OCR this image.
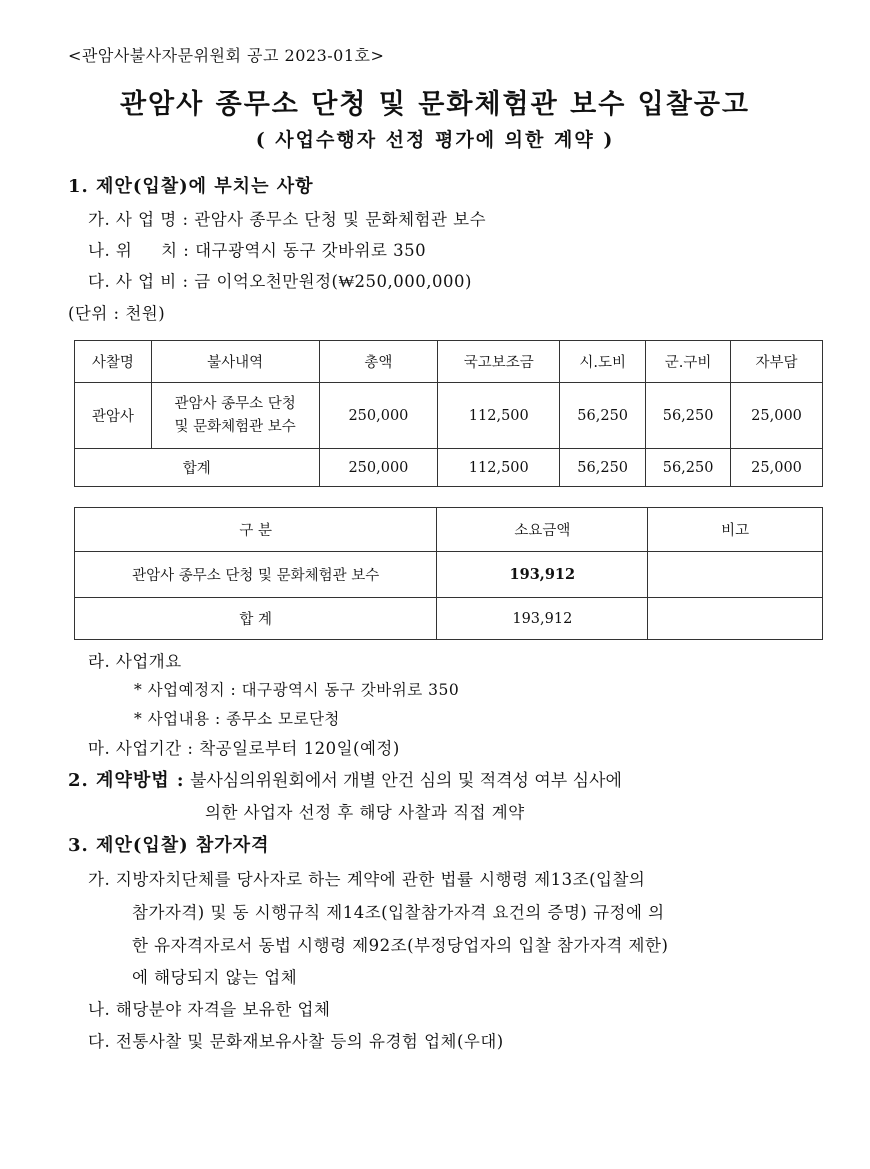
<관암사불사자문위원회 공고 2023-01호>
관암사 종무소 단청 및 문화체험관 보수 입찰공고
( 사업수행자 선정 평가에 의한 계약 )
1. 제안(입찰)에 부치는 사항
가. 사 업 명 : 관암사 종무소 단청 및 문화체험관 보수
나. 위     치 : 대구광역시 동구 갓바위로 350
다. 사 업 비 : 금 이억오천만원정(₩250,000,000)
(단위 : 천원)
사찰명	불사내역	총액	국고보조금	시.도비	군.구비	자부담
관암사	관암사 종무소 단청
및 문화체험관 보수	250,000	112,500	56,250	56,250	25,000
합계		250,000	112,500	56,250	56,250	25,000
구 분	소요금액	비고
관암사 종무소 단청 및 문화체험관 보수	193,912	
합 계	193,912	
라. 사업개요
* 사업예정지 : 대구광역시 동구 갓바위로 350
* 사업내용 : 종무소 모로단청
마. 사업기간 : 착공일로부터 120일(예정)
2. 계약방법 : 불사심의위원회에서 개별 안건 심의 및 적격성 여부 심사에
의한 사업자 선정 후 해당 사찰과 직접 계약
3. 제안(입찰) 참가자격
가. 지방자치단체를 당사자로 하는 계약에 관한 법률 시행령 제13조(입찰의
참가자격) 및 동 시행규칙 제14조(입찰참가자격 요건의 증명) 규정에 의
한 유자격자로서 동법 시행령 제92조(부정당업자의 입찰 참가자격 제한)
에 해당되지 않는 업체
나. 해당분야 자격을 보유한 업체
다. 전통사찰 및 문화재보유사찰 등의 유경험 업체(우대)
